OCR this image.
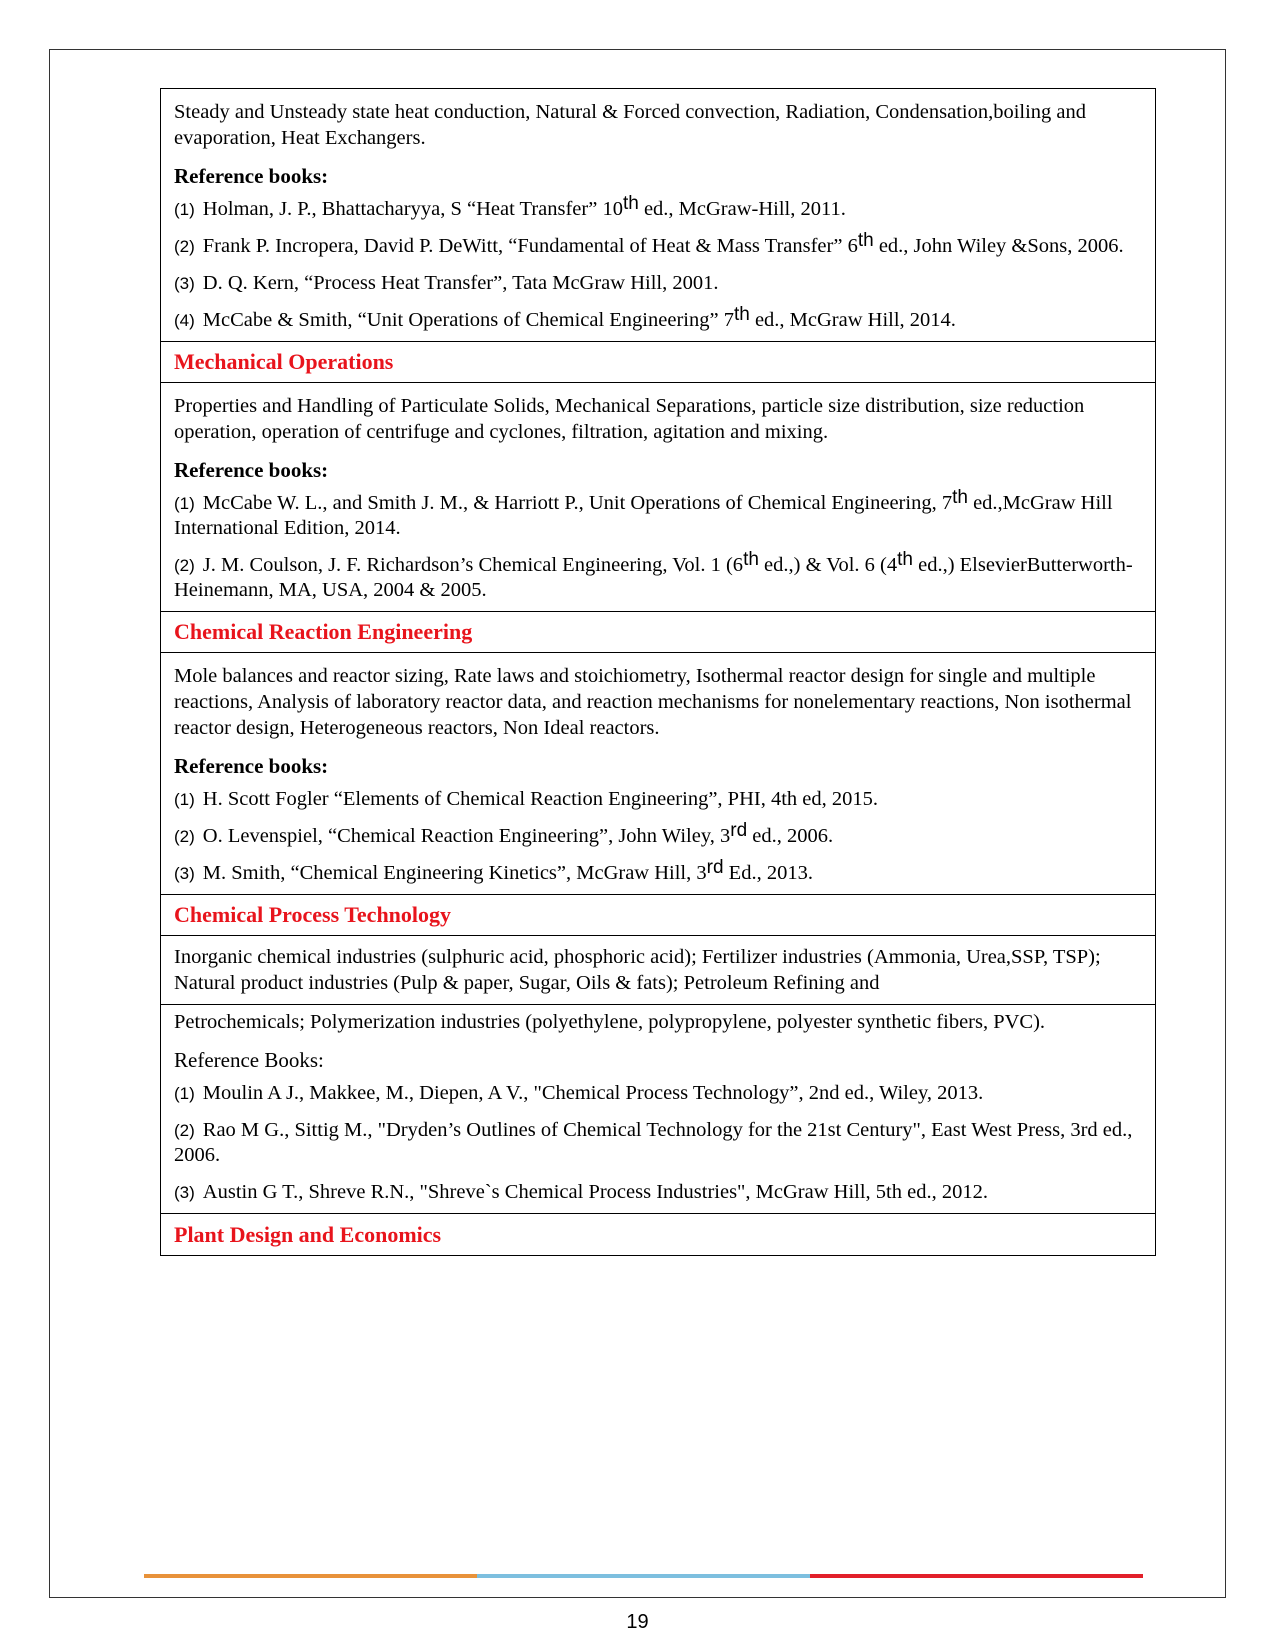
Steady and Unsteady state heat conduction, Natural & Forced convection, Radiation, Condensation,boiling and evaporation, Heat Exchangers.

Reference books:
(1) Holman, J. P., Bhattacharyya, S “Heat Transfer” 10th ed., McGraw-Hill, 2011.
(2) Frank P. Incropera, David P. DeWitt, “Fundamental of Heat & Mass Transfer” 6th ed., John Wiley &Sons, 2006.
(3) D. Q. Kern, “Process Heat Transfer”, Tata McGraw Hill, 2001.
(4) McCabe & Smith, “Unit Operations of Chemical Engineering” 7th ed., McGraw Hill, 2014.
Mechanical Operations

Properties and Handling of Particulate Solids, Mechanical Separations, particle size distribution, size reduction operation, operation of centrifuge and cyclones, filtration, agitation and mixing.

Reference books:
(1) McCabe W. L., and Smith J. M., & Harriott P., Unit Operations of Chemical Engineering, 7th ed.,McGraw Hill International Edition, 2014.
(2) J. M. Coulson, J. F. Richardson’s Chemical Engineering, Vol. 1 (6th ed.,) & Vol. 6 (4th ed.,) ElsevierButterworth-Heinemann, MA, USA, 2004 & 2005.
Chemical Reaction Engineering

Mole balances and reactor sizing, Rate laws and stoichiometry, Isothermal reactor design for single and multiple reactions, Analysis of laboratory reactor data, and reaction mechanisms for nonelementary reactions, Non isothermal reactor design, Heterogeneous reactors, Non Ideal reactors.

Reference books:
(1) H. Scott Fogler “Elements of Chemical Reaction Engineering”, PHI, 4th ed, 2015.
(2) O. Levenspiel, “Chemical Reaction Engineering”, John Wiley, 3rd ed., 2006.
(3) M. Smith, “Chemical Engineering Kinetics”, McGraw Hill, 3rd Ed., 2013.
Chemical Process Technology

Inorganic chemical industries (sulphuric acid, phosphoric acid); Fertilizer industries (Ammonia, Urea,SSP, TSP); Natural product industries (Pulp & paper, Sugar, Oils & fats); Petroleum Refining and

Petrochemicals; Polymerization industries (polyethylene, polypropylene, polyester synthetic fibers, PVC).

Reference Books:
(1) Moulin A J., Makkee, M., Diepen, A V., "Chemical Process Technology”, 2nd ed., Wiley, 2013.
(2) Rao M G., Sittig M., "Dryden’s Outlines of Chemical Technology for the 21st Century", East West Press, 3rd ed., 2006.
(3) Austin G T., Shreve R.N., "Shreve`s Chemical Process Industries", McGraw Hill, 5th ed., 2012.
Plant Design and Economics
19
